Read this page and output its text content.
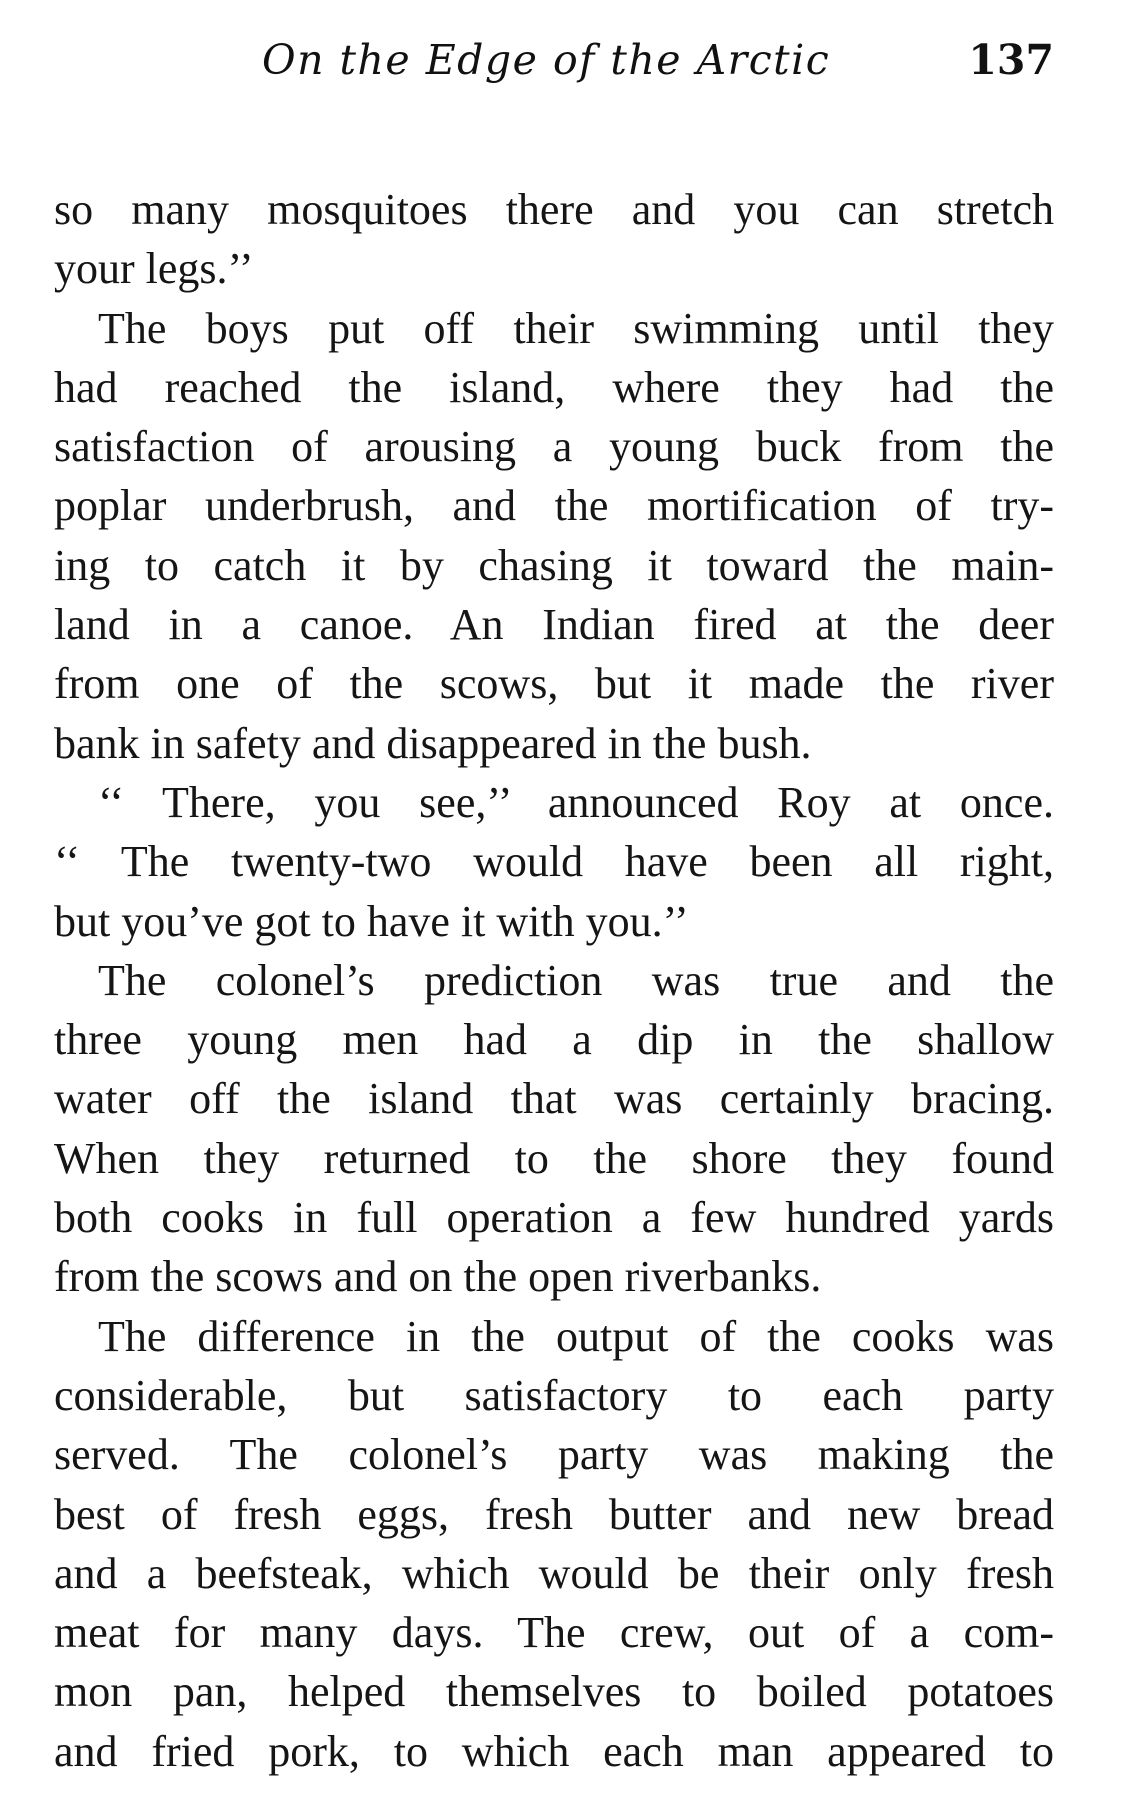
On the Edge of the Arctic	137
so many mosquitoes there and you can stretch
your legs.’’
The boys put off their swimming until they
had reached the island, where they had the
satisfaction of arousing a young buck from the
poplar underbrush, and the mortification of try-
ing to catch it by chasing it toward the main-
land in a canoe. An Indian fired at the deer
from one of the scows, but it made the river
bank in safety and disappeared in the bush.
‘‘ There, you see,’’ announced Roy at once.
‘‘ The twenty-two would have been all right,
but you’ve got to have it with you.’’
The colonel’s prediction was true and the
three young men had a dip in the shallow
water off the island that was certainly bracing.
When they returned to the shore they found
both cooks in full operation a few hundred yards
from the scows and on the open riverbanks.
The difference in the output of the cooks was
considerable, but satisfactory to each party
served. The colonel’s party was making the
best of fresh eggs, fresh butter and new bread
and a beefsteak, which would be their only fresh
meat for many days. The crew, out of a com-
mon pan, helped themselves to boiled potatoes
and fried pork, to which each man appeared to
